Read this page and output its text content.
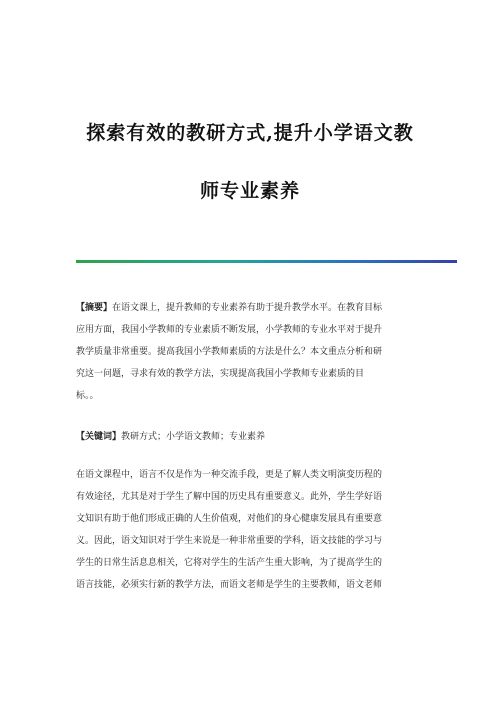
探索有效的教研方式,提升小学语文教
师专业素养
【摘要】在语文课上，提升教师的专业素养有助于提升教学水平。在教育目标
应用方面，我国小学教师的专业素质不断发展，小学教师的专业水平对于提升
教学质量非常重要。提高我国小学教师素质的方法是什么？本文重点分析和研
究这一问题，寻求有效的教学方法，实现提高我国小学教师专业素质的目
标。。
【关键词】教研方式；小学语文教师；专业素养
在语文课程中，语言不仅是作为一种交流手段，更是了解人类文明演变历程的
有效途径，尤其是对于学生了解中国的历史具有重要意义。此外，学生学好语
文知识有助于他们形成正确的人生价值观，对他们的身心健康发展具有重要意
义。因此，语文知识对于学生来说是一种非常重要的学科，语文技能的学习与
学生的日常生活息息相关，它将对学生的生活产生重大影响，为了提高学生的
语言技能，必须实行新的教学方法，而语文老师是学生的主要教师，语文老师
